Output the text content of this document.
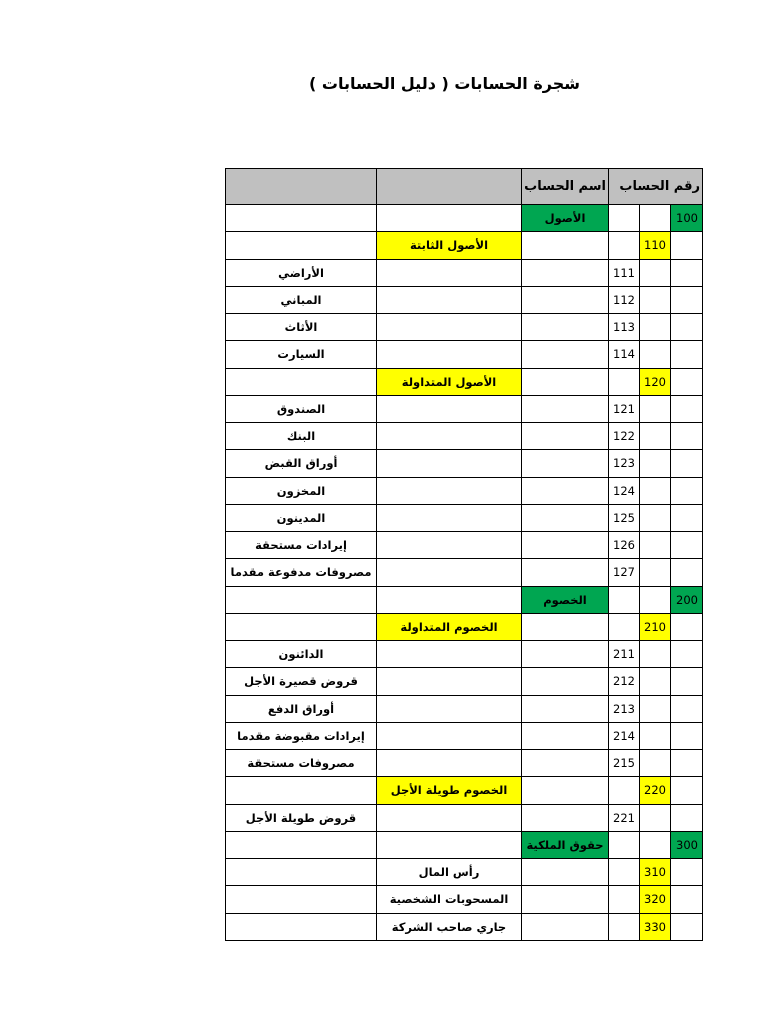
شجرة الحسابات ( دليل الحسابات )
		اسم الحساب	رقم الحساب		
		الأصول			100
	الأصول الثابتة			110	
الأراضي			111		
المباني			112		
الأثاث			113		
السيارت			114		
	الأصول المتداولة			120	
الصندوق			121		
البنك			122		
أوراق القبض			123		
المخزون			124		
المدينون			125		
إيرادات مستحقة			126		
مصروفات مدفوعة مقدما			127		
		الخصوم			200
	الخصوم المتداولة			210	
الدائنون			211		
قروض قصيرة الأجل			212		
أوراق الدفع			213		
إيرادات مقبوضة مقدما			214		
مصروفات مستحقة			215		
	الخصوم طويلة الأجل			220	
قروض طويلة الأجل			221		
		حقوق الملكية			300
	رأس المال			310	
	المسحوبات الشخصية			320	
	جاري صاحب الشركة			330	
